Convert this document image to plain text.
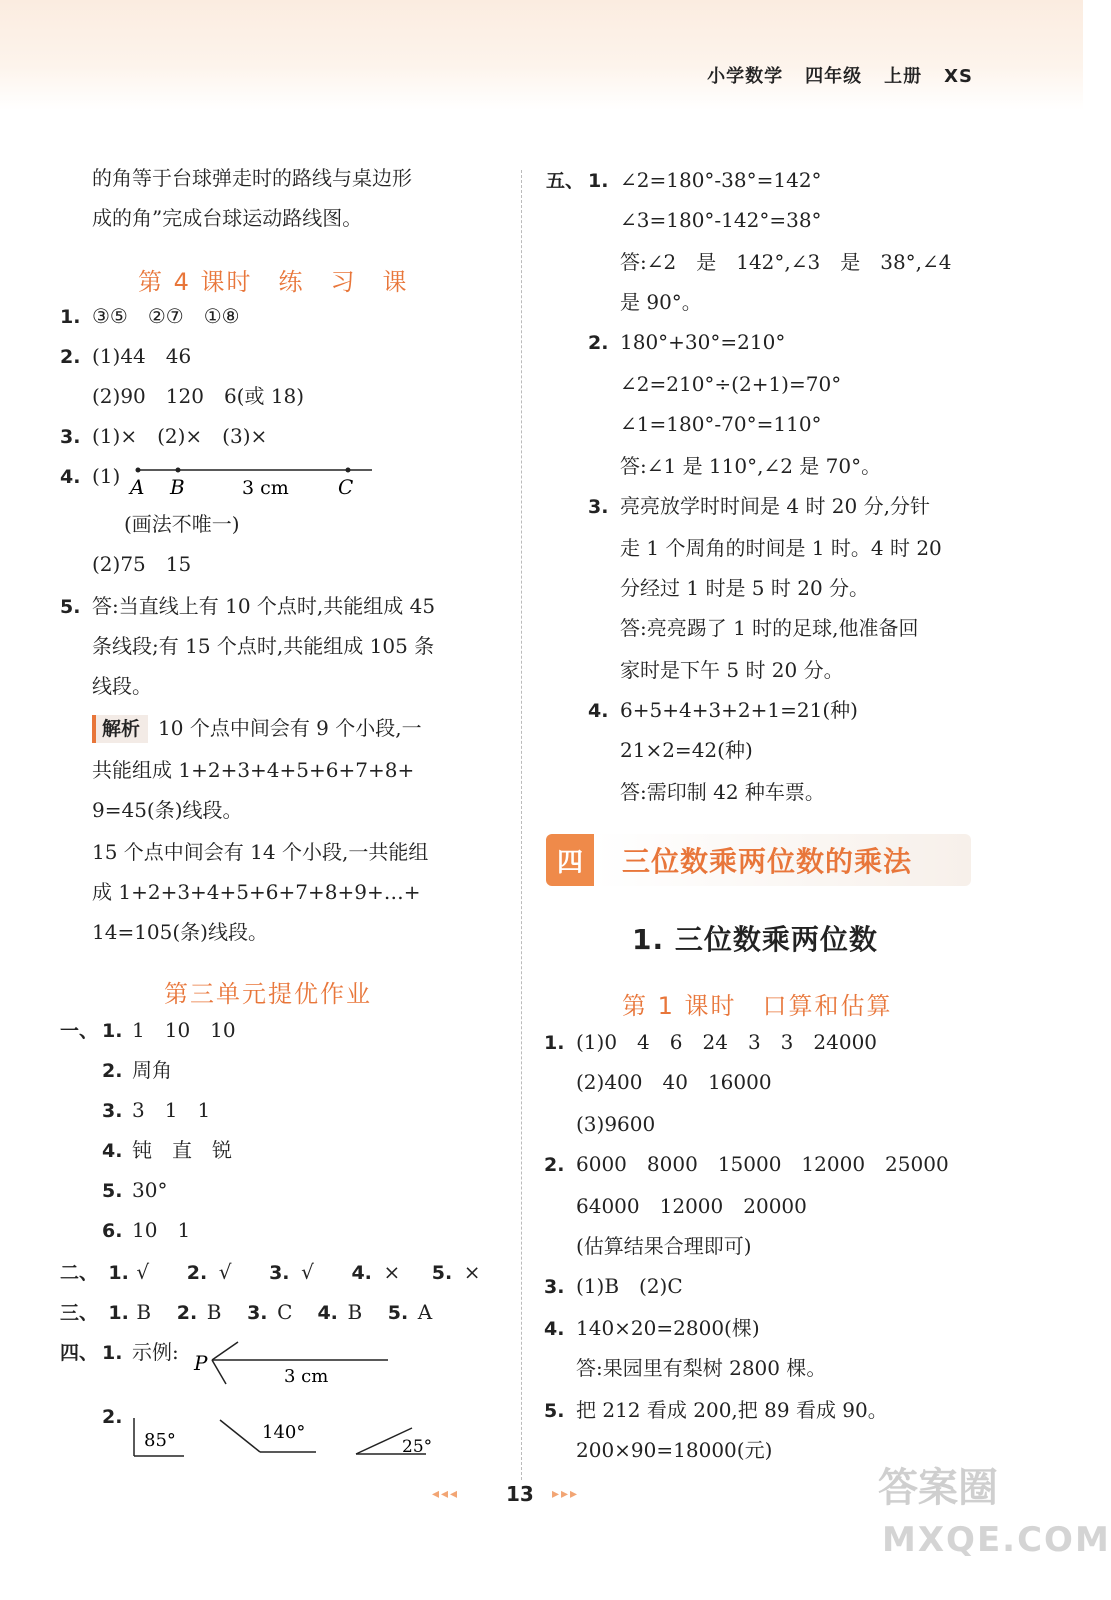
小学数学 四年级 上册 XS
的角等于台球弹走时的路线与桌边形
成的角”完成台球运动路线图。
第 4 课时　练　习　课
1. ③⑤　②⑦　①⑧
2. (1)44　46
(2)90　120　6(或 18)
3. (1)×　(2)×　(3)×
4. (1) A B	3 cm C
(画法不唯一)
(2)75　15
5. 答:当直线上有 10 个点时,共能组成 45
条线段;有 15 个点时,共能组成 105 条
线段。
解析 10 个点中间会有 9 个小段,一
共能组成 1+2+3+4+5+6+7+8+
9=45(条)线段。
15 个点中间会有 14 个小段,一共能组
成 1+2+3+4+5+6+7+8+9+…+
14=105(条)线段。
第三单元提优作业
一、 1. 1　10　10
2. 周角
3. 3　1　1
4. 钝　直　锐
5. 30°
6. 10　1
二、 1. √ 2. √ 3. √ 4. × 5. ×
三、 1. B 2. B 3. C 4. B 5. A
四、 1. 示例: P
3 cm
2.
85°	140°
25°
五、 1. ∠2=180°-38°=142°
∠3=180°-142°=38°
答:∠2　是　142°,∠3　是　38°,∠4
是 90°。
2. 180°+30°=210°
∠2=210°÷(2+1)=70°
∠1=180°-70°=110°
答:∠1 是 110°,∠2 是 70°。
3. 亮亮放学时时间是 4 时 20 分,分针
走 1 个周角的时间是 1 时。4 时 20
分经过 1 时是 5 时 20 分。
答:亮亮踢了 1 时的足球,他准备回
家时是下午 5 时 20 分。
4. 6+5+4+3+2+1=21(种)
21×2=42(种)
答:需印制 42 种车票。
四	三位数乘两位数的乘法
1. 三位数乘两位数
第 1 课时　口算和估算
1. (1)0　4　6　24　3　3　24000
(2)400　40　16000
(3)9600
2. 6000　8000　15000　12000　25000
64000　12000　20000
(估算结果合理即可)
3. (1)B　(2)C
4. 140×20=2800(棵)
答:果园里有梨树 2800 棵。
5. 把 212 看成 200,把 89 看成 90。
200×90=18000(元)
◂◂◂ 13 ▸▸▸	答案圈
MXQE.COM
